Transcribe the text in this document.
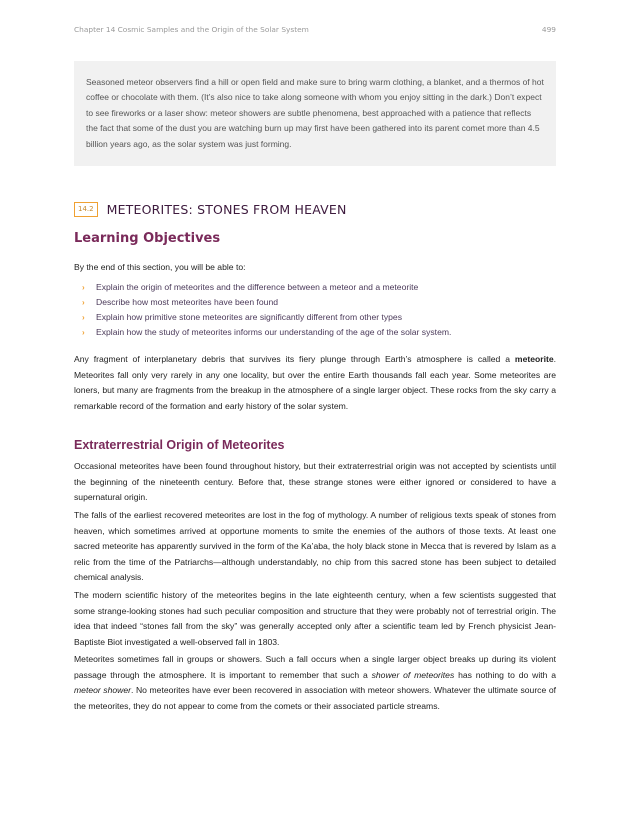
Chapter 14 Cosmic Samples and the Origin of the Solar System	499
Seasoned meteor observers find a hill or open field and make sure to bring warm clothing, a blanket, and a thermos of hot coffee or chocolate with them. (It’s also nice to take along someone with whom you enjoy sitting in the dark.) Don’t expect to see fireworks or a laser show: meteor showers are subtle phenomena, best approached with a patience that reflects the fact that some of the dust you are watching burn up may first have been gathered into its parent comet more than 4.5 billion years ago, as the solar system was just forming.
14.2	METEORITES: STONES FROM HEAVEN
Learning Objectives
By the end of this section, you will be able to:
›	Explain the origin of meteorites and the difference between a meteor and a meteorite
›	Describe how most meteorites have been found
›	Explain how primitive stone meteorites are significantly different from other types
›	Explain how the study of meteorites informs our understanding of the age of the solar system.

Any fragment of interplanetary debris that survives its fiery plunge through Earth’s atmosphere is called a meteorite. Meteorites fall only very rarely in any one locality, but over the entire Earth thousands fall each year. Some meteorites are loners, but many are fragments from the breakup in the atmosphere of a single larger object. These rocks from the sky carry a remarkable record of the formation and early history of the solar system.

Extraterrestrial Origin of Meteorites

Occasional meteorites have been found throughout history, but their extraterrestrial origin was not accepted by scientists until the beginning of the nineteenth century. Before that, these strange stones were either ignored or considered to have a supernatural origin.

The falls of the earliest recovered meteorites are lost in the fog of mythology. A number of religious texts speak of stones from heaven, which sometimes arrived at opportune moments to smite the enemies of the authors of those texts. At least one sacred meteorite has apparently survived in the form of the Ka’aba, the holy black stone in Mecca that is revered by Islam as a relic from the time of the Patriarchs—although understandably, no chip from this sacred stone has been subject to detailed chemical analysis.

The modern scientific history of the meteorites begins in the late eighteenth century, when a few scientists suggested that some strange-looking stones had such peculiar composition and structure that they were probably not of terrestrial origin. The idea that indeed “stones fall from the sky” was generally accepted only after a scientific team led by French physicist Jean-Baptiste Biot investigated a well-observed fall in 1803.

Meteorites sometimes fall in groups or showers. Such a fall occurs when a single larger object breaks up during its violent passage through the atmosphere. It is important to remember that such a shower of meteorites has nothing to do with a meteor shower. No meteorites have ever been recovered in association with meteor showers. Whatever the ultimate source of the meteorites, they do not appear to come from the comets or their associated particle streams.
